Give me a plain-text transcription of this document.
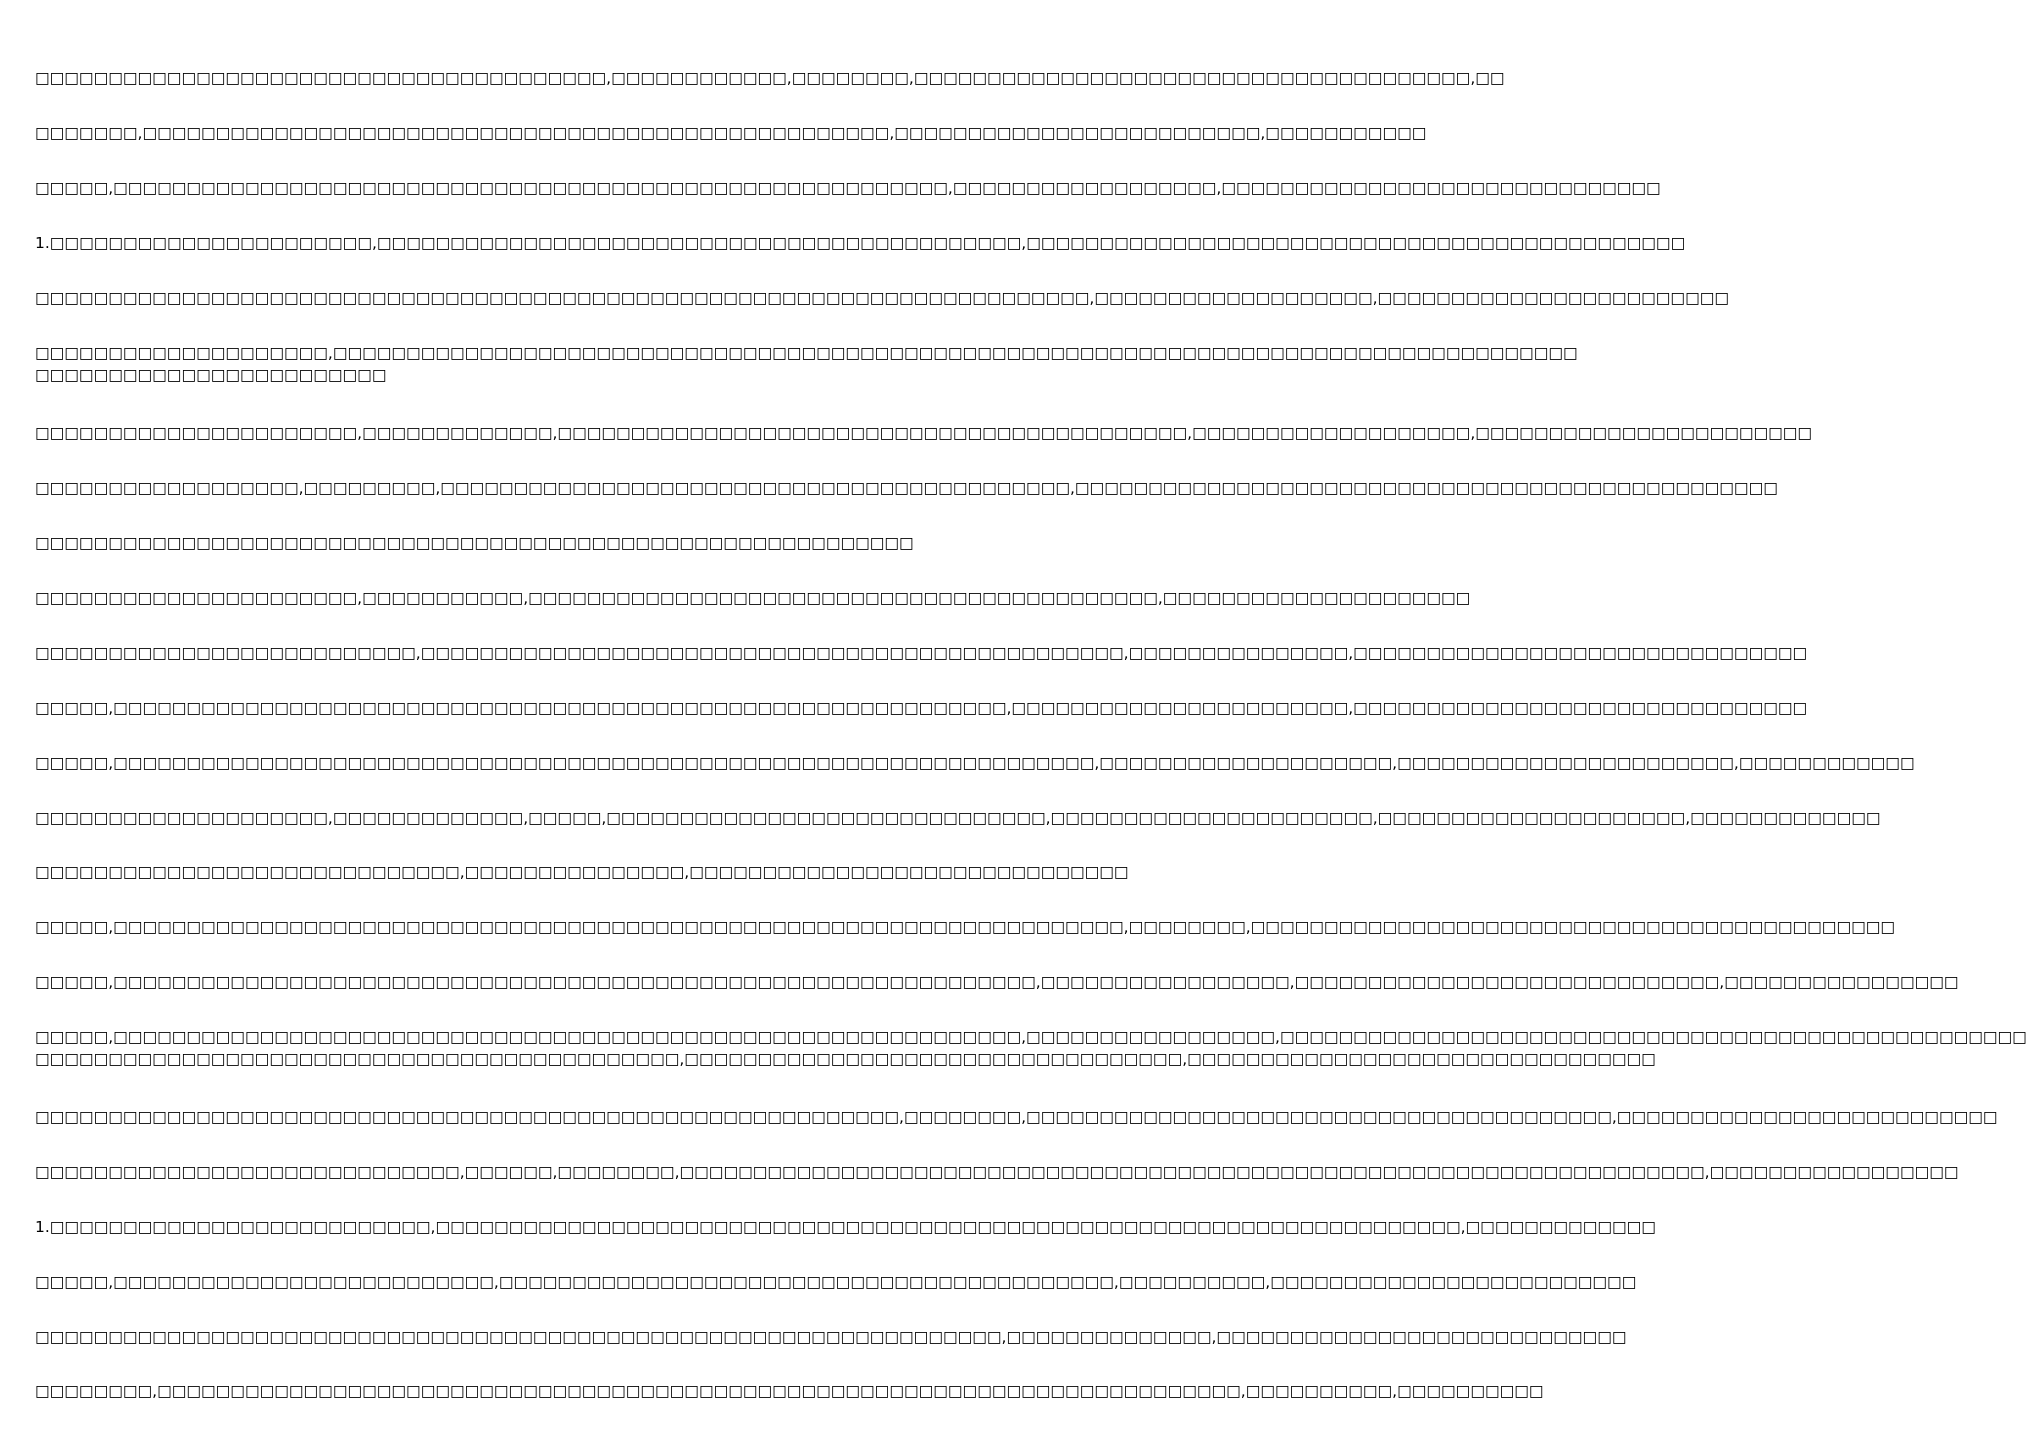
□□□□□□□□□□□□□□□□□□□□□□□□□□□□□□□□□□□□□□□,□□□□□□□□□□□□,□□□□□□□□,□□□□□□□□□□□□□□□□□□□□□□□□□□□□□□□□□□□□□□,□□
□□□□□□□,□□□□□□□□□□□□□□□□□□□□□□□□□□□□□□□□□□□□□□□□□□□□□□□□□□□,□□□□□□□□□□□□□□□□□□□□□□□□□,□□□□□□□□□□□
□□□□□,□□□□□□□□□□□□□□□□□□□□□□□□□□□□□□□□□□□□□□□□□□□□□□□□□□□□□□□□□,□□□□□□□□□□□□□□□□□□,□□□□□□□□□□□□□□□□□□□□□□□□□□□□□□
1.□□□□□□□□□□□□□□□□□□□□□□,□□□□□□□□□□□□□□□□□□□□□□□□□□□□□□□□□□□□□□□□□□□□,□□□□□□□□□□□□□□□□□□□□□□□□□□□□□□□□□□□□□□□□□□□□□
□□□□□□□□□□□□□□□□□□□□□□□□□□□□□□□□□□□□□□□□□□□□□□□□□□□□□□□□□□□□□□□□□□□□□□□□,□□□□□□□□□□□□□□□□□□□,□□□□□□□□□□□□□□□□□□□□□□□□
□□□□□□□□□□□□□□□□□□□□,□□□□□□□□□□□□□□□□□□□□□□□□□□□□□□□□□□□□□□□□□□□□□□□□□□□□□□□□□□□□□□□□□□□□□□□□□□□□□□□□□□□□□ □□□□□□□□□□□□□□□□□□□□□□□□
□□□□□□□□□□□□□□□□□□□□□□,□□□□□□□□□□□□□,□□□□□□□□□□□□□□□□□□□□□□□□□□□□□□□□□□□□□□□□□□□,□□□□□□□□□□□□□□□□□□□,□□□□□□□□□□□□□□□□□□□□□□□
□□□□□□□□□□□□□□□□□□,□□□□□□□□□,□□□□□□□□□□□□□□□□□□□□□□□□□□□□□□□□□□□□□□□□□□□,□□□□□□□□□□□□□□□□□□□□□□□□□□□□□□□□□□□□□□□□□□□□□□□□
□□□□□□□□□□□□□□□□□□□□□□□□□□□□□□□□□□□□□□□□□□□□□□□□□□□□□□□□□□□□
□□□□□□□□□□□□□□□□□□□□□□,□□□□□□□□□□□,□□□□□□□□□□□□□□□□□□□□□□□□□□□□□□□□□□□□□□□□□□□,□□□□□□□□□□□□□□□□□□□□□
□□□□□□□□□□□□□□□□□□□□□□□□□□,□□□□□□□□□□□□□□□□□□□□□□□□□□□□□□□□□□□□□□□□□□□□□□□□,□□□□□□□□□□□□□□□,□□□□□□□□□□□□□□□□□□□□□□□□□□□□□□□
□□□□□,□□□□□□□□□□□□□□□□□□□□□□□□□□□□□□□□□□□□□□□□□□□□□□□□□□□□□□□□□□□□□,□□□□□□□□□□□□□□□□□□□□□□□,□□□□□□□□□□□□□□□□□□□□□□□□□□□□□□□
□□□□□,□□□□□□□□□□□□□□□□□□□□□□□□□□□□□□□□□□□□□□□□□□□□□□□□□□□□□□□□□□□□□□□□□□□,□□□□□□□□□□□□□□□□□□□□,□□□□□□□□□□□□□□□□□□□□□□□,□□□□□□□□□□□□
□□□□□□□□□□□□□□□□□□□□,□□□□□□□□□□□□□,□□□□□,□□□□□□□□□□□□□□□□□□□□□□□□□□□□□□,□□□□□□□□□□□□□□□□□□□□□□,□□□□□□□□□□□□□□□□□□□□□,□□□□□□□□□□□□□
□□□□□□□□□□□□□□□□□□□□□□□□□□□□□,□□□□□□□□□□□□□□□,□□□□□□□□□□□□□□□□□□□□□□□□□□□□□□
□□□□□,□□□□□□□□□□□□□□□□□□□□□□□□□□□□□□□□□□□□□□□□□□□□□□□□□□□□□□□□□□□□□□□□□□□□□,□□□□□□□□,□□□□□□□□□□□□□□□□□□□□□□□□□□□□□□□□□□□□□□□□□□□□
□□□□□,□□□□□□□□□□□□□□□□□□□□□□□□□□□□□□□□□□□□□□□□□□□□□□□□□□□□□□□□□□□□□□□,□□□□□□□□□□□□□□□□□,□□□□□□□□□□□□□□□□□□□□□□□□□□□□□,□□□□□□□□□□□□□□□□
□□□□□,□□□□□□□□□□□□□□□□□□□□□□□□□□□□□□□□□□□□□□□□□□□□□□□□□□□□□□□□□□□□□□,□□□□□□□□□□□□□□□□□,□□□□□□□□□□□□□□□□□□□□□□□□□□□□□□□□□□□□□□□□□□□□□□□□□□□ □□□□□□□□□□□□□□□□□□□□□□□□□□□□□□□□□□□□□□□□□□□□,□□□□□□□□□□□□□□□□□□□□□□□□□□□□□□□□□□,□□□□□□□□□□□□□□□□□□□□□□□□□□□□□□□□
□□□□□□□□□□□□□□□□□□□□□□□□□□□□□□□□□□□□□□□□□□□□□□□□□□□□□□□□□□□,□□□□□□□□,□□□□□□□□□□□□□□□□□□□□□□□□□□□□□□□□□□□□□□□□,□□□□□□□□□□□□□□□□□□□□□□□□□□
□□□□□□□□□□□□□□□□□□□□□□□□□□□□□,□□□□□□,□□□□□□□□,□□□□□□□□□□□□□□□□□□□□□□□□□□□□□□□□□□□□□□□□□□□□□□□□□□□□□□□□□□□□□□□□□□□□□□,□□□□□□□□□□□□□□□□□
1.□□□□□□□□□□□□□□□□□□□□□□□□□□,□□□□□□□□□□□□□□□□□□□□□□□□□□□□□□□□□□□□□□□□□□□□□□□□□□□□□□□□□□□□□□□□□□□□□□,□□□□□□□□□□□□□
□□□□□,□□□□□□□□□□□□□□□□□□□□□□□□□□,□□□□□□□□□□□□□□□□□□□□□□□□□□□□□□□□□□□□□□□□□□,□□□□□□□□□□,□□□□□□□□□□□□□□□□□□□□□□□□□
□□□□□□□□□□□□□□□□□□□□□□□□□□□□□□□□□□□□□□□□□□□□□□□□□□□□□□□□□□□□□□□□□□,□□□□□□□□□□□□□□,□□□□□□□□□□□□□□□□□□□□□□□□□□□□
□□□□□□□□,□□□□□□□□□□□□□□□□□□□□□□□□□□□□□□□□□□□□□□□□□□□□□□□□□□□□□□□□□□□□□□□□□□□□□□□□□□,□□□□□□□□□□,□□□□□□□□□□
